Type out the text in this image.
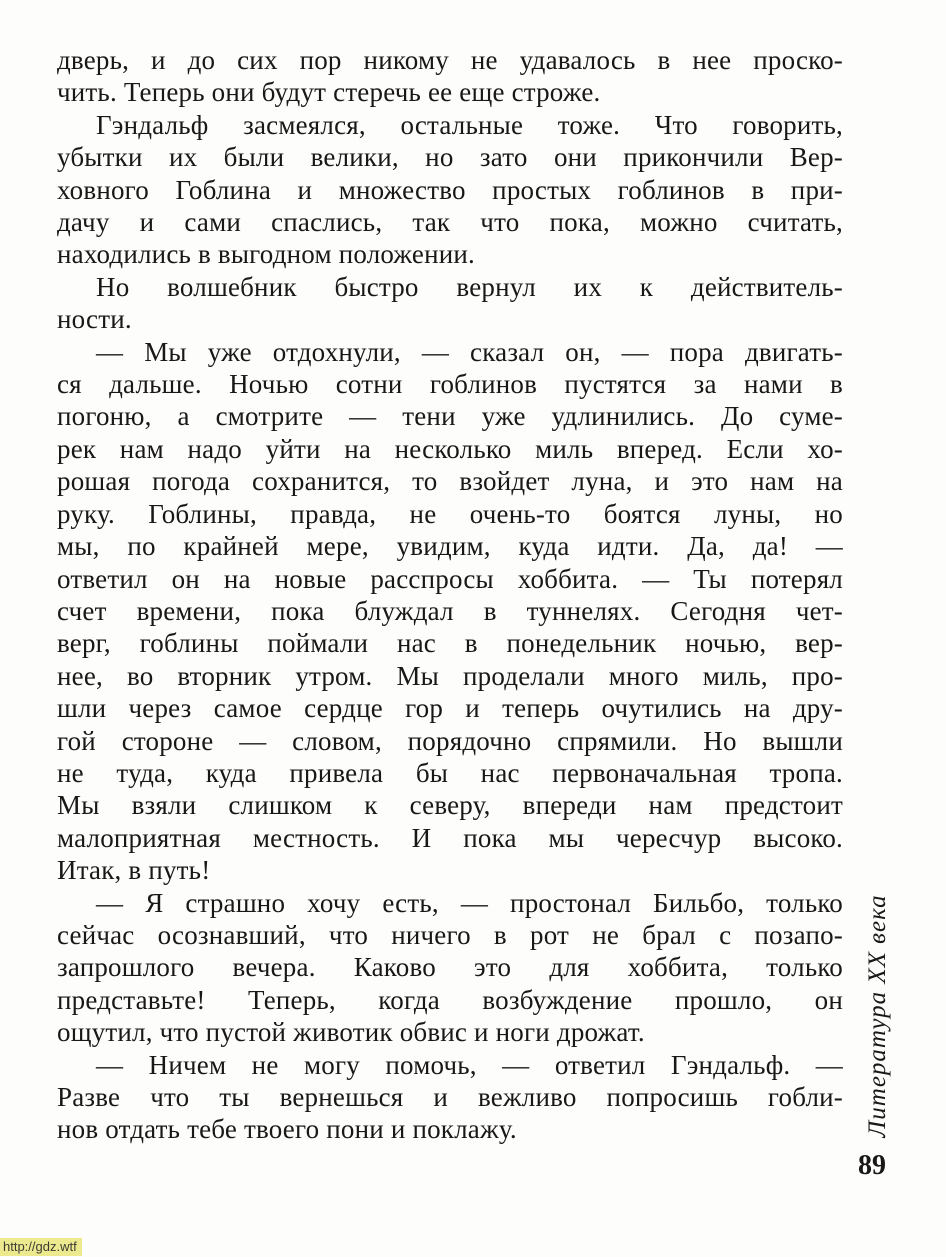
дверь, и до сих пор никому не удавалось в нее проско-
чить. Теперь они будут стеречь ее еще строже.
Гэндальф засмеялся, остальные тоже. Что говорить,
убытки их были велики, но зато они прикончили Вер-
ховного Гоблина и множество простых гоблинов в при-
дачу и сами спаслись, так что пока, можно считать,
находились в выгодном положении.
Но волшебник быстро вернул их к действитель-
ности.
— Мы уже отдохнули, — сказал он, — пора двигать-
ся дальше. Ночью сотни гоблинов пустятся за нами в
погоню, а смотрите — тени уже удлинились. До суме-
рек нам надо уйти на несколько миль вперед. Если хо-
рошая погода сохранится, то взойдет луна, и это нам на
руку. Гоблины, правда, не очень-то боятся луны, но
мы, по крайней мере, увидим, куда идти. Да, да! —
ответил он на новые расспросы хоббита. — Ты потерял
счет времени, пока блуждал в туннелях. Сегодня чет-
верг, гоблины поймали нас в понедельник ночью, вер-
нее, во вторник утром. Мы проделали много миль, про-
шли через самое сердце гор и теперь очутились на дру-
гой стороне — словом, порядочно спрямили. Но вышли
не туда, куда привела бы нас первоначальная тропа.
Мы взяли слишком к северу, впереди нам предстоит
малоприятная местность. И пока мы чересчур высоко.
Итак, в путь!
— Я страшно хочу есть, — простонал Бильбо, только
сейчас осознавший, что ничего в рот не брал с позапо-
запрошлого вечера. Каково это для хоббита, только
представьте! Теперь, когда возбуждение прошло, он
ощутил, что пустой животик обвис и ноги дрожат.
— Ничем не могу помочь, — ответил Гэндальф. —
Разве что ты вернешься и вежливо попросишь гобли-
нов отдать тебе твоего пони и поклажу.	Литература XX века
89
http://gdz.wtf
